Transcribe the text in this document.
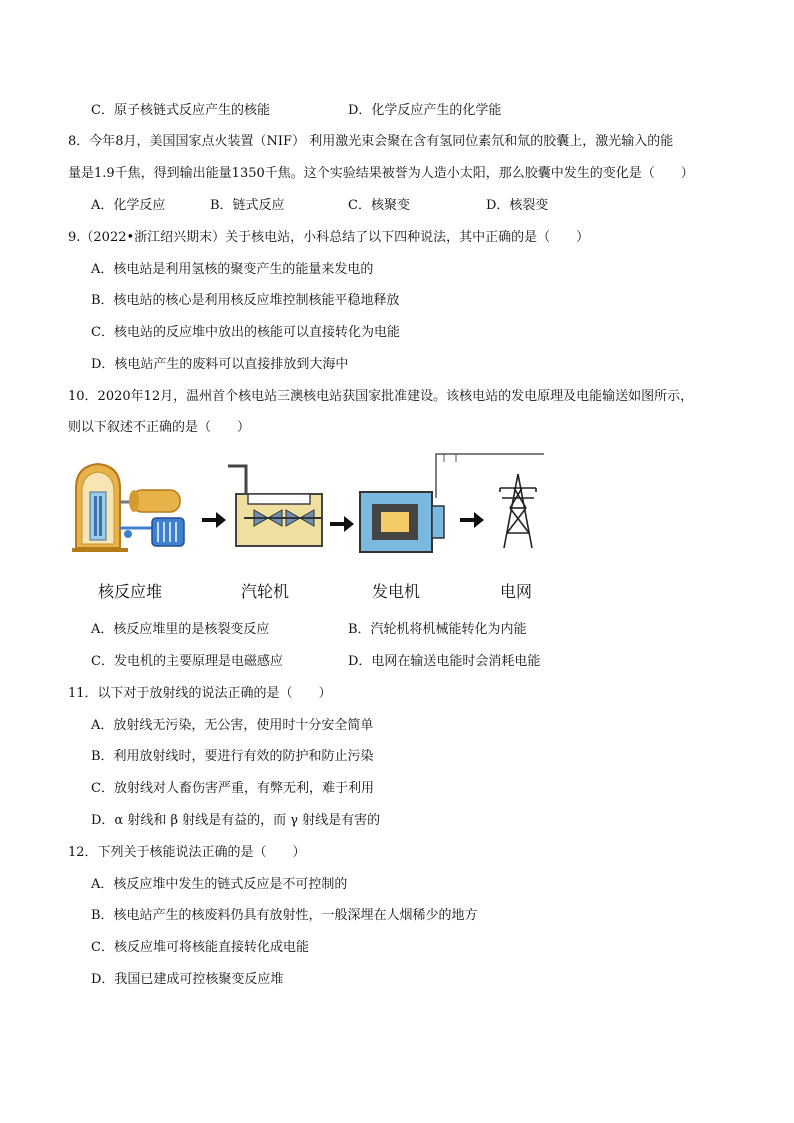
C．原子核链式反应产生的核能	D．化学反应产生的化学能
8．今年8月，美国国家点火装置（NIF） 利用激光束会聚在含有氢同位素氘和氚的胶囊上，激光输入的能
量是1.9千焦，得到输出能量1350千焦。这个实验结果被誉为人造小太阳，那么胶囊中发生的变化是（　　）
A．化学反应	B．链式反应	C．核聚变	D．核裂变
9.（2022•浙江绍兴期末）关于核电站，小科总结了以下四种说法，其中正确的是（　　）
A．核电站是利用氢核的聚变产生的能量来发电的
B．核电站的核心是利用核反应堆控制核能平稳地释放
C．核电站的反应堆中放出的核能可以直接转化为电能
D．核电站产生的废料可以直接排放到大海中
10．2020年12月，温州首个核电站三澳核电站获国家批准建设。该核电站的发电原理及电能输送如图所示，
则以下叙述不正确的是（　　）
核反应堆	汽轮机	发电机	电网
A．核反应堆里的是核裂变反应	B．汽轮机将机械能转化为内能
C．发电机的主要原理是电磁感应	D．电网在输送电能时会消耗电能
11．以下对于放射线的说法正确的是（　　）
A．放射线无污染，无公害，使用时十分安全简单
B．利用放射线时，要进行有效的防护和防止污染
C．放射线对人畜伤害严重，有弊无利，难于利用
D．α 射线和 β 射线是有益的，而 γ 射线是有害的
12．下列关于核能说法正确的是（　　）
A．核反应堆中发生的链式反应是不可控制的
B．核电站产生的核废料仍具有放射性，一般深埋在人烟稀少的地方
C．核反应堆可将核能直接转化成电能
D．我国已建成可控核聚变反应堆
